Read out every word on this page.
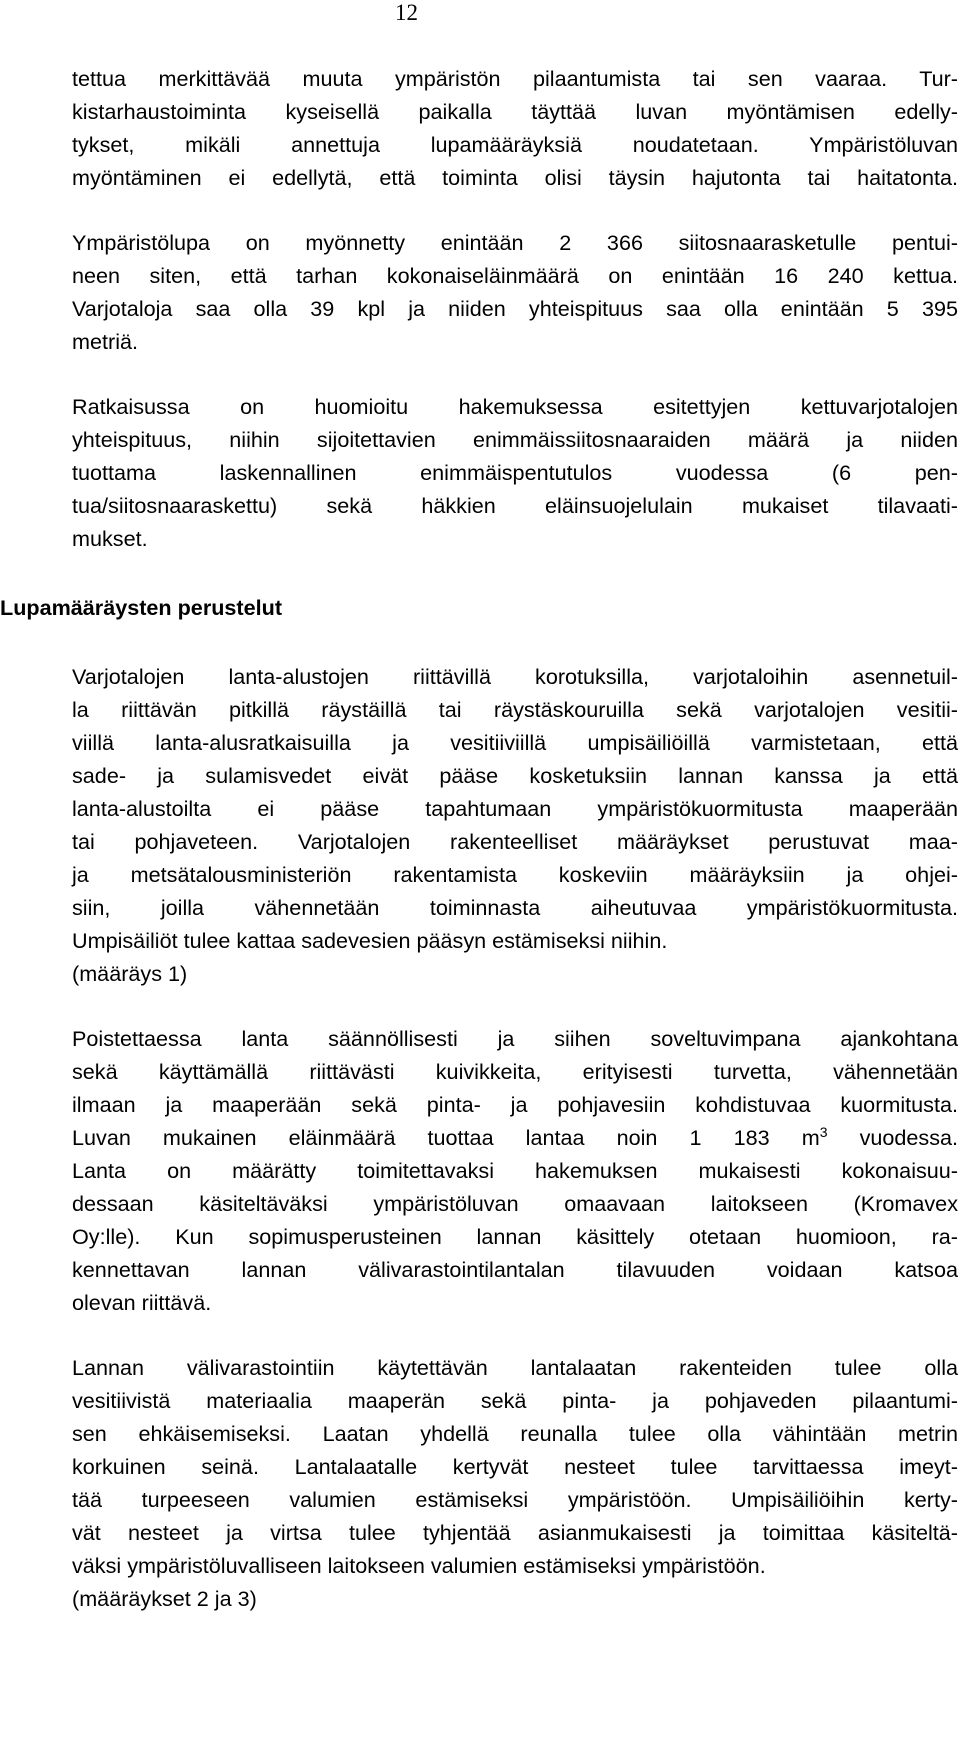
12
tettua merkittävää muuta ympäristön pilaantumista tai sen vaaraa. Tur-
kistarhaustoiminta kyseisellä paikalla täyttää luvan myöntämisen edelly-
tykset, mikäli annettuja lupamääräyksiä noudatetaan. Ympäristöluvan
myöntäminen ei edellytä, että toiminta olisi täysin hajutonta tai haitatonta.
Ympäristölupa on myönnetty enintään 2 366 siitosnaarasketulle pentui-
neen siten, että tarhan kokonaiseläinmäärä on enintään 16 240 kettua.
Varjotaloja saa olla 39 kpl ja niiden yhteispituus saa olla enintään 5 395
metriä.
Ratkaisussa on huomioitu hakemuksessa esitettyjen kettuvarjotalojen
yhteispituus, niihin sijoitettavien enimmäissiitosnaaraiden määrä ja niiden
tuottama laskennallinen enimmäispentutulos vuodessa (6 pen-
tua/siitosnaaraskettu) sekä häkkien eläinsuojelulain mukaiset tilavaati-
mukset.
Lupamääräysten perustelut
Varjotalojen lanta-alustojen riittävillä korotuksilla, varjotaloihin asennetuil-
la riittävän pitkillä räystäillä tai räystäskouruilla sekä varjotalojen vesitii-
viillä lanta-alusratkaisuilla ja vesitiiviillä umpisäiliöillä varmistetaan, että
sade- ja sulamisvedet eivät pääse kosketuksiin lannan kanssa ja että
lanta-alustoilta ei pääse tapahtumaan ympäristökuormitusta maaperään
tai pohjaveteen. Varjotalojen rakenteelliset määräykset perustuvat maa-
ja metsätalousministeriön rakentamista koskeviin määräyksiin ja ohjei-
siin, joilla vähennetään toiminnasta aiheutuvaa ympäristökuormitusta.
Umpisäiliöt tulee kattaa sadevesien pääsyn estämiseksi niihin.
(määräys 1)
Poistettaessa lanta säännöllisesti ja siihen soveltuvimpana ajankohtana
sekä käyttämällä riittävästi kuivikkeita, erityisesti turvetta, vähennetään
ilmaan ja maaperään sekä pinta- ja pohjavesiin kohdistuvaa kuormitusta.
Luvan mukainen eläinmäärä tuottaa lantaa noin 1 183 $m^3$ vuodessa.
Lanta on määrätty toimitettavaksi hakemuksen mukaisesti kokonaisuu-
dessaan käsiteltäväksi ympäristöluvan omaavaan laitokseen (Kromavex
Oy:lle). Kun sopimusperusteinen lannan käsittely otetaan huomioon, ra-
kennettavan lannan välivarastointilantalan tilavuuden voidaan katsoa
olevan riittävä.
Lannan välivarastointiin käytettävän lantalaatan rakenteiden tulee olla
vesitiivistä materiaalia maaperän sekä pinta- ja pohjaveden pilaantumi-
sen ehkäisemiseksi. Laatan yhdellä reunalla tulee olla vähintään metrin
korkuinen seinä. Lantalaatalle kertyvät nesteet tulee tarvittaessa imeyt-
tää turpeeseen valumien estämiseksi ympäristöön. Umpisäiliöihin kerty-
vät nesteet ja virtsa tulee tyhjentää asianmukaisesti ja toimittaa käsiteltä-
väksi ympäristöluvalliseen laitokseen valumien estämiseksi ympäristöön.
(määräykset 2 ja 3)
